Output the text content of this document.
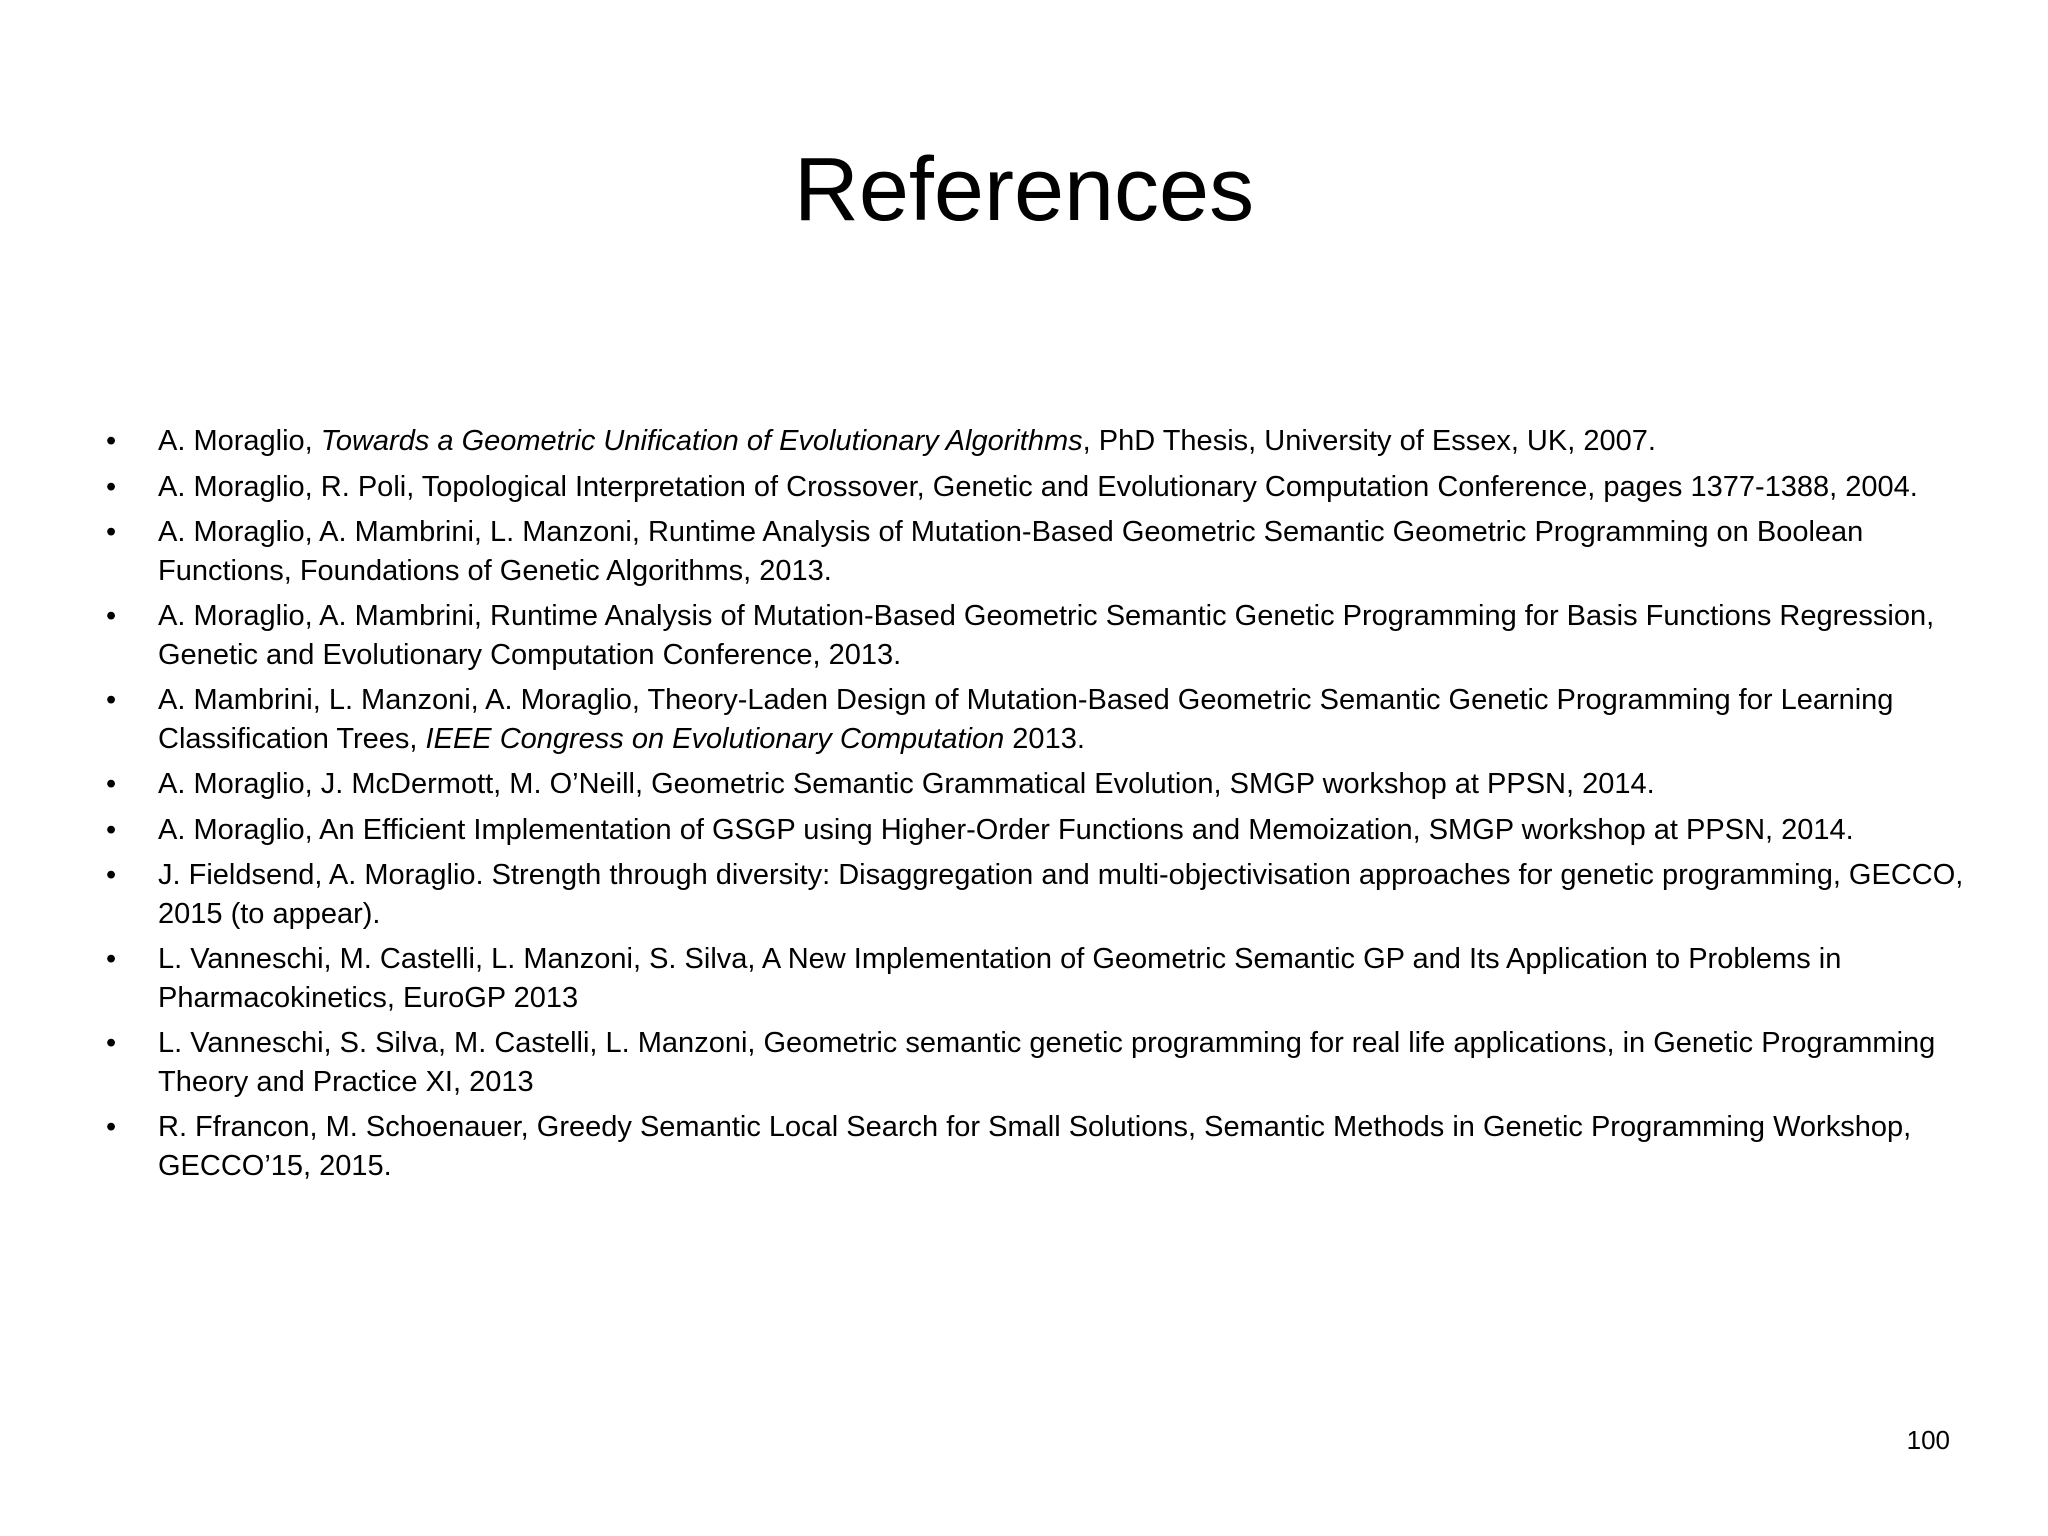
References
• A. Moraglio, Towards a Geometric Unification of Evolutionary Algorithms, PhD Thesis, University of Essex, UK, 2007.
• A. Moraglio, R. Poli, Topological Interpretation of Crossover, Genetic and Evolutionary Computation Conference, pages 1377-1388, 2004.
• A. Moraglio, A. Mambrini, L. Manzoni, Runtime Analysis of Mutation-Based Geometric Semantic Geometric Programming on Boolean Functions, Foundations of Genetic Algorithms, 2013.
• A. Moraglio, A. Mambrini, Runtime Analysis of Mutation-Based Geometric Semantic Genetic Programming for Basis Functions Regression, Genetic and Evolutionary Computation Conference, 2013.
• A. Mambrini, L. Manzoni, A. Moraglio, Theory-Laden Design of Mutation-Based Geometric Semantic Genetic Programming for Learning Classification Trees, IEEE Congress on Evolutionary Computation 2013.
• A. Moraglio, J. McDermott, M. O’Neill, Geometric Semantic Grammatical Evolution, SMGP workshop at PPSN, 2014.
• A. Moraglio, An Efficient Implementation of GSGP using Higher-Order Functions and Memoization, SMGP workshop at PPSN, 2014.
• J. Fieldsend, A. Moraglio. Strength through diversity: Disaggregation and multi-objectivisation approaches for genetic programming, GECCO, 2015 (to appear).
• L. Vanneschi, M. Castelli, L. Manzoni, S. Silva, A New Implementation of Geometric Semantic GP and Its Application to Problems in Pharmacokinetics, EuroGP 2013
• L. Vanneschi, S. Silva, M. Castelli, L. Manzoni, Geometric semantic genetic programming for real life applications, in Genetic Programming Theory and Practice XI, 2013
• R. Ffrancon, M. Schoenauer, Greedy Semantic Local Search for Small Solutions, Semantic Methods in Genetic Programming Workshop, GECCO’15, 2015.
100
